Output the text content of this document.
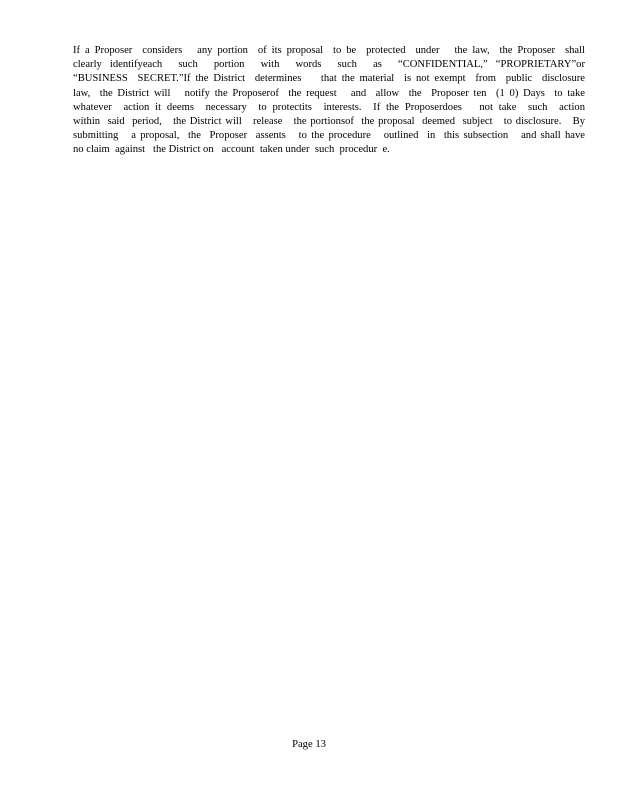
If a Proposer  considers   any portion  of its proposal  to be  protected  under   the law,  the Proposer  shall
clearly identifyeach  such  portion  with  words  such  as  “CONFIDENTIAL,” “PROPRIETARY”or
“BUSINESS  SECRET.”If the District  determines    that the material  is not exempt  from  public  disclosure
law,  the District will   notify the Proposerof  the request   and  allow  the  Proposer ten  (1 0) Days  to take
whatever  action it deems  necessary  to protectits  interests.  If the Proposerdoes   not take  such  action
within  said  period,   the District will   release   the portionsof  the proposal  deemed  subject   to disclosure.   By
submitting   a proposal,  the  Proposer  assents   to the procedure   outlined  in  this subsection   and shall have
no claim  against   the District on   account  taken under  such  procedur  e.
Page 13
